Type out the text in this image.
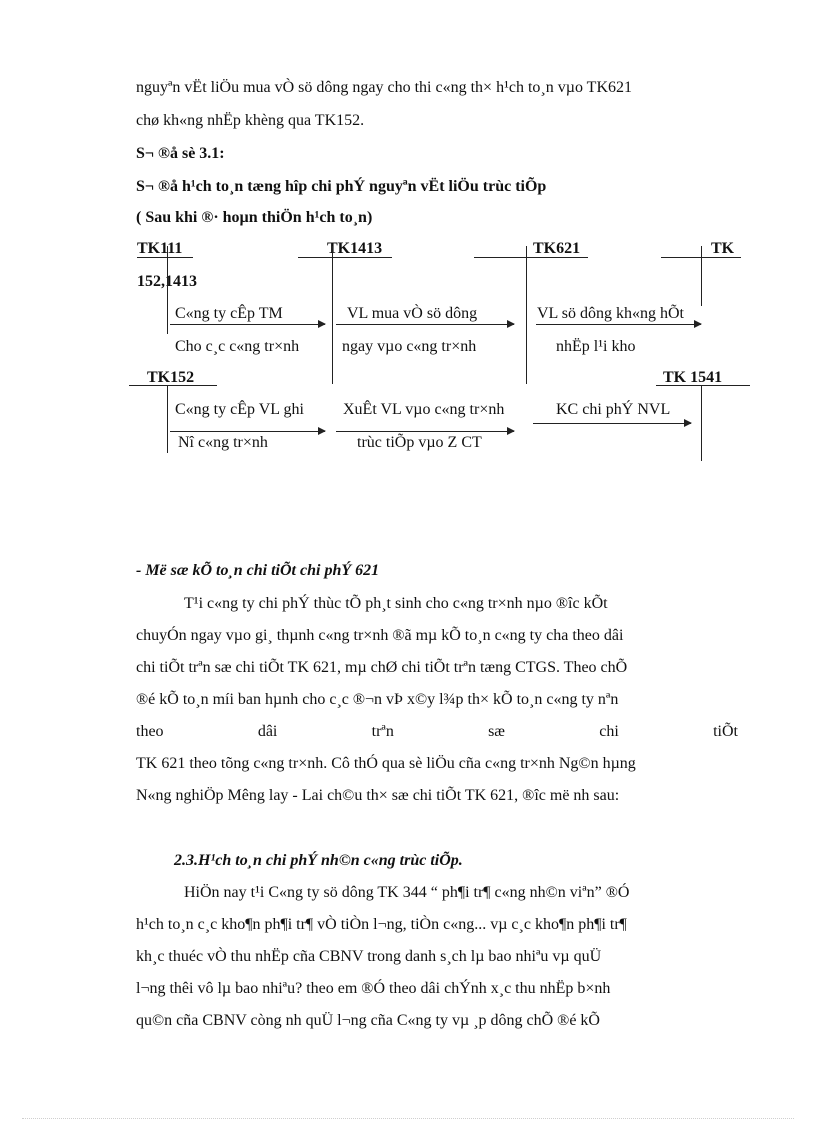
nguyªn vËt liÖu mua vÒ sö dông ngay cho thi c«ng th× h¹ch to¸n vµo TK621
chø kh«ng nhËp khèng qua TK152.
S¬ ®å sè 3.1:
S¬ ®å h¹ch to¸n tæng hîp chi phÝ nguyªn vËt liÖu trùc tiÕp
( Sau khi ®· hoµn thiÖn h¹ch to¸n)
TK111	TK1413	TK621	TK
152,1413
TK152	TK 1541
C«ng ty cÊp TM
Cho c¸c c«ng tr×nh
VL mua vÒ sö dông
ngay vµo c«ng tr×nh
VL sö dông kh«ng hÕt
nhËp l¹i kho
C«ng ty cÊp VL ghi
Nî c«ng tr×nh
XuÊt VL vµo c«ng tr×nh
trùc tiÕp vµo Z CT
KC chi phÝ NVL
- Më sæ kÕ to¸n chi tiÕt chi phÝ 621
T¹i c«ng ty chi phÝ thùc tÕ ph¸t sinh cho c«ng tr×nh nµo ®îc kÕt
chuyÓn ngay vµo gi¸ thµnh c«ng tr×nh ®ã mµ kÕ to¸n c«ng ty cha theo dâi
chi tiÕt trªn sæ chi tiÕt TK 621, mµ chØ chi tiÕt trªn tæng CTGS. Theo chÕ
®é kÕ to¸n míi ban hµnh cho c¸c ®¬n vÞ x©y l¾p th× kÕ to¸n c«ng ty nªn
theo	dâi	trªn	sæ	chi	tiÕt
TK 621 theo tõng c«ng tr×nh. Cô thÓ qua sè liÖu cña c«ng tr×nh Ng©n hµng
N«ng nghiÖp Mêng lay - Lai ch©u th× sæ chi tiÕt TK 621, ®îc më nh sau:
2.3.H¹ch to¸n chi phÝ nh©n c«ng trùc tiÕp.
HiÖn nay t¹i C«ng ty sö dông TK 344 “ ph¶i tr¶ c«ng nh©n viªn” ®Ó
h¹ch to¸n c¸c kho¶n ph¶i tr¶ vÒ tiÒn l¬ng, tiÒn c«ng... vµ c¸c kho¶n ph¶i tr¶
kh¸c thuéc vÒ thu nhËp cña CBNV trong danh s¸ch lµ bao nhiªu vµ quÜ
l¬ng thêi vô lµ bao nhiªu? theo em ®Ó theo dâi chÝnh x¸c thu nhËp b×nh
qu©n cña CBNV còng nh quÜ l¬ng cña C«ng ty vµ ¸p dông chÕ ®é kÕ
